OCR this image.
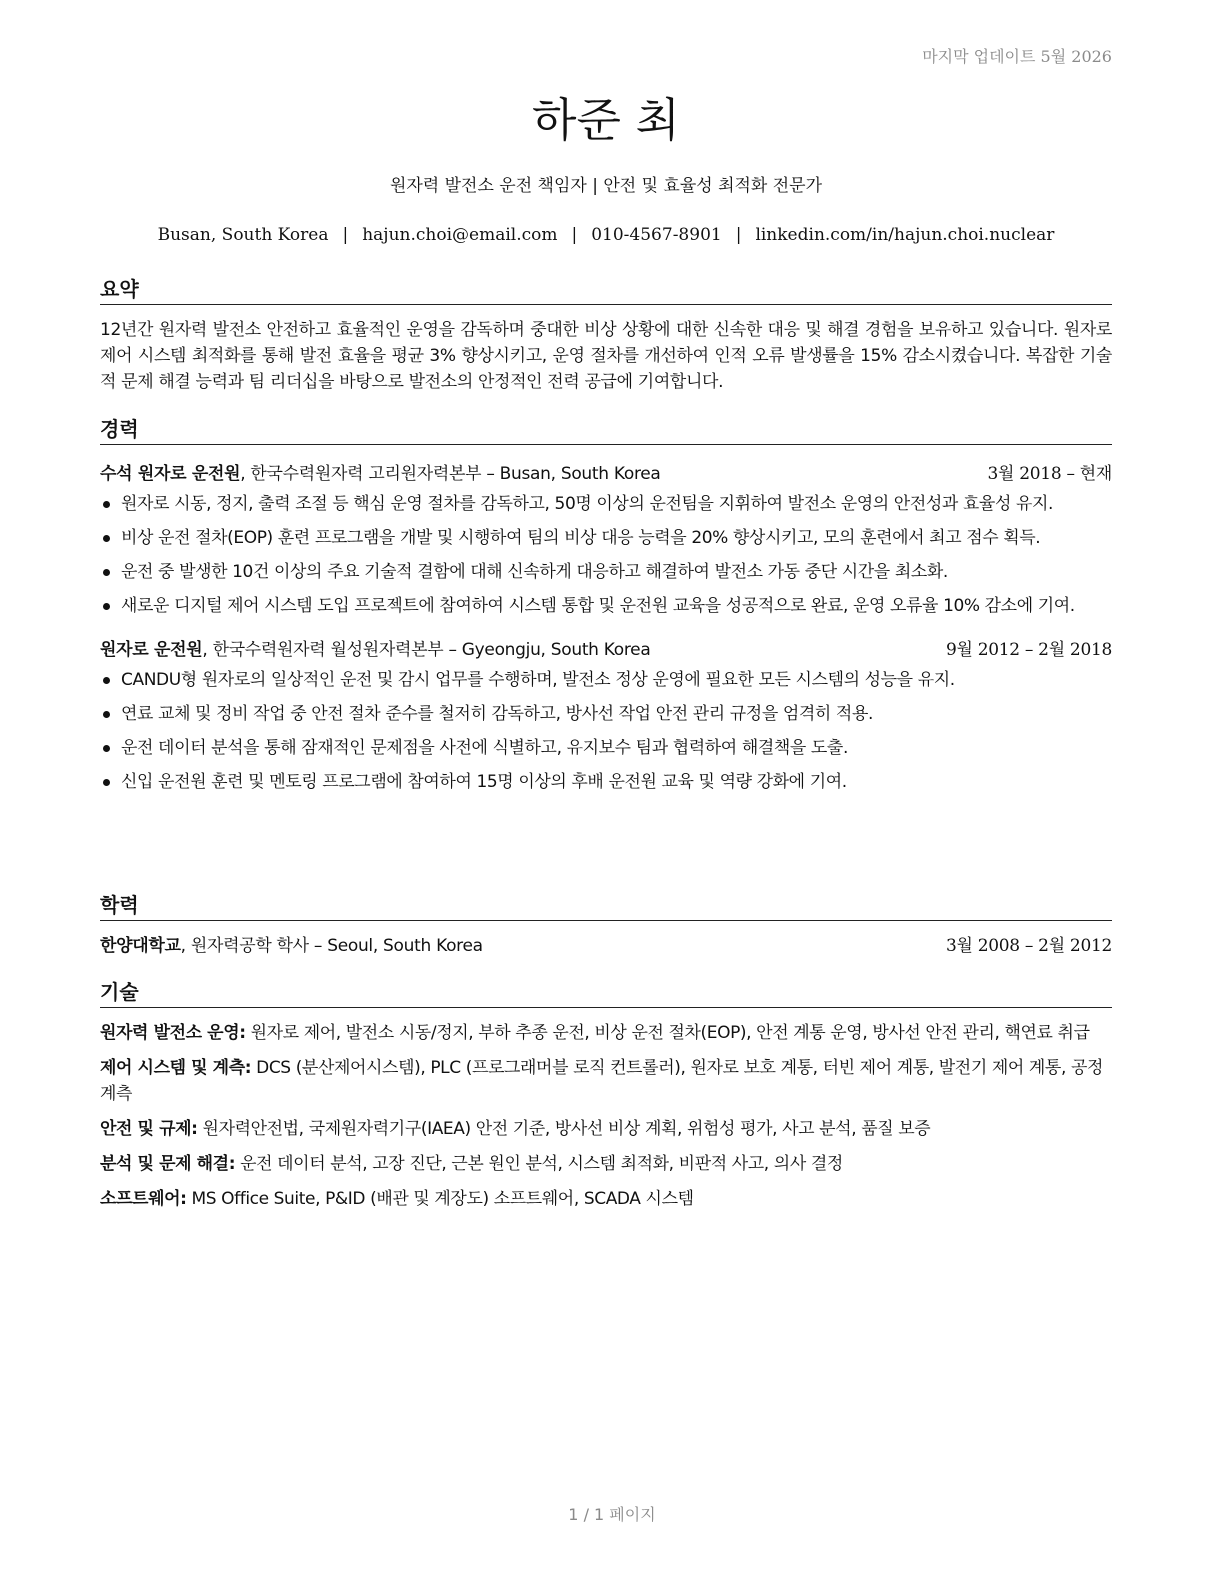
마지막 업데이트 5월 2026
하준 최
원자력 발전소 운전 책임자 | 안전 및 효율성 최적화 전문가
Busan, South Korea | hajun.choi@email.com | 010-4567-8901 | linkedin.com/in/hajun.choi.nuclear
요약
12년간 원자력 발전소 안전하고 효율적인 운영을 감독하며 중대한 비상 상황에 대한 신속한 대응 및 해결 경험을 보유하고 있습니다. 원자로 제어 시스템 최적화를 통해 발전 효율을 평균 3% 향상시키고, 운영 절차를 개선하여 인적 오류 발생률을 15% 감소시켰습니다. 복잡한 기술적 문제 해결 능력과 팀 리더십을 바탕으로 발전소의 안정적인 전력 공급에 기여합니다.
경력
수석 원자로 운전원, 한국수력원자력 고리원자력본부 – Busan, South Korea	3월 2018 – 현재
원자로 시동, 정지, 출력 조절 등 핵심 운영 절차를 감독하고, 50명 이상의 운전팀을 지휘하여 발전소 운영의 안전성과 효율성 유지.
비상 운전 절차(EOP) 훈련 프로그램을 개발 및 시행하여 팀의 비상 대응 능력을 20% 향상시키고, 모의 훈련에서 최고 점수 획득.
운전 중 발생한 10건 이상의 주요 기술적 결함에 대해 신속하게 대응하고 해결하여 발전소 가동 중단 시간을 최소화.
새로운 디지털 제어 시스템 도입 프로젝트에 참여하여 시스템 통합 및 운전원 교육을 성공적으로 완료, 운영 오류율 10% 감소에 기여.
원자로 운전원, 한국수력원자력 월성원자력본부 – Gyeongju, South Korea	9월 2012 – 2월 2018
CANDU형 원자로의 일상적인 운전 및 감시 업무를 수행하며, 발전소 정상 운영에 필요한 모든 시스템의 성능을 유지.
연료 교체 및 정비 작업 중 안전 절차 준수를 철저히 감독하고, 방사선 작업 안전 관리 규정을 엄격히 적용.
운전 데이터 분석을 통해 잠재적인 문제점을 사전에 식별하고, 유지보수 팀과 협력하여 해결책을 도출.
신입 운전원 훈련 및 멘토링 프로그램에 참여하여 15명 이상의 후배 운전원 교육 및 역량 강화에 기여.
학력
한양대학교, 원자력공학 학사 – Seoul, South Korea	3월 2008 – 2월 2012
기술
원자력 발전소 운영: 원자로 제어, 발전소 시동/정지, 부하 추종 운전, 비상 운전 절차(EOP), 안전 계통 운영, 방사선 안전 관리, 핵연료 취급
제어 시스템 및 계측: DCS (분산제어시스템), PLC (프로그래머블 로직 컨트롤러), 원자로 보호 계통, 터빈 제어 계통, 발전기 제어 계통, 공정 계측
안전 및 규제: 원자력안전법, 국제원자력기구(IAEA) 안전 기준, 방사선 비상 계획, 위험성 평가, 사고 분석, 품질 보증
분석 및 문제 해결: 운전 데이터 분석, 고장 진단, 근본 원인 분석, 시스템 최적화, 비판적 사고, 의사 결정
소프트웨어: MS Office Suite, P&ID (배관 및 계장도) 소프트웨어, SCADA 시스템
1 / 1 페이지
